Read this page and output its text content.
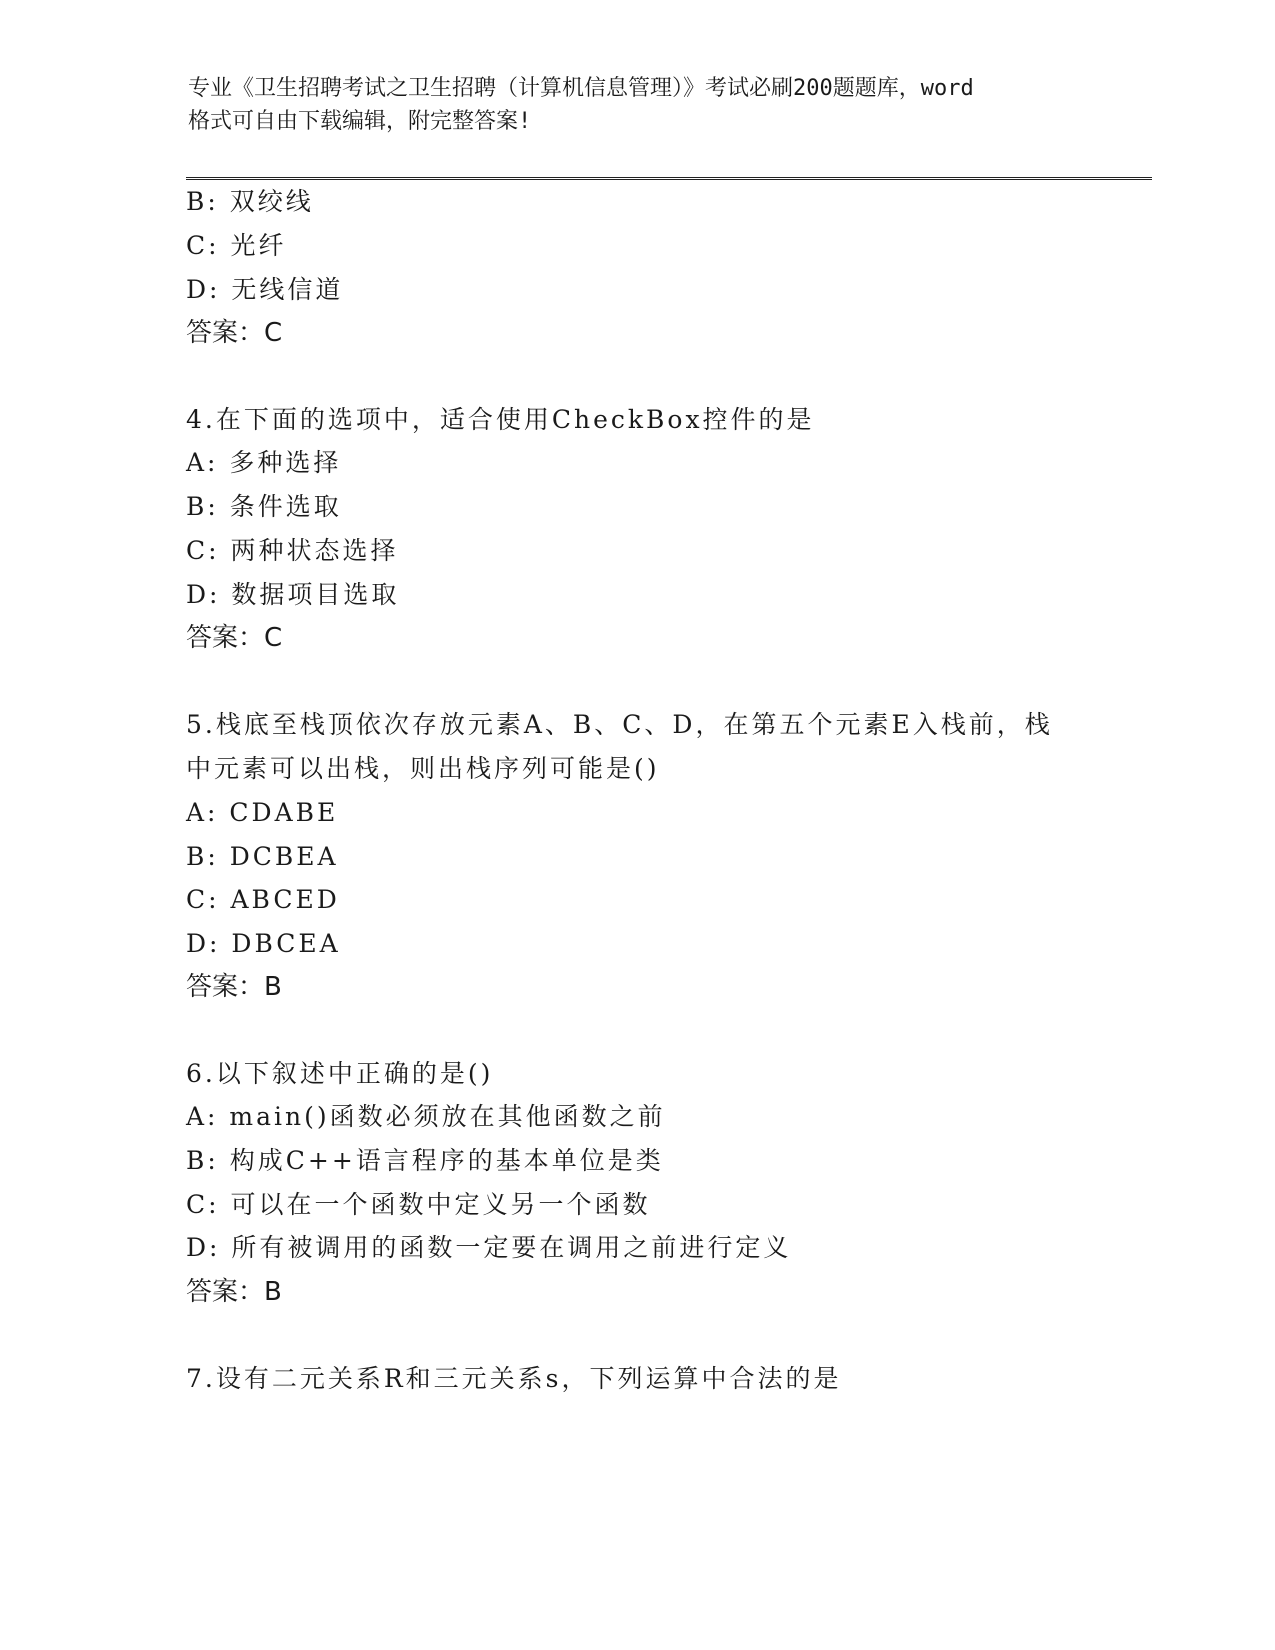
专业《卫生招聘考试之卫生招聘（计算机信息管理）》考试必刷200题题库，word
格式可自由下载编辑，附完整答案!
B: 双绞线
C: 光纤
D: 无线信道
答案：C
4.在下面的选项中，适合使用CheckBox控件的是
A: 多种选择
B: 条件选取
C: 两种状态选择
D: 数据项目选取
答案：C
5.栈底至栈顶依次存放元素A、B、C、D，在第五个元素E入栈前，栈
中元素可以出栈，则出栈序列可能是()
A: CDABE
B: DCBEA
C: ABCED
D: DBCEA
答案：B
6.以下叙述中正确的是()
A: main()函数必须放在其他函数之前
B: 构成C++语言程序的基本单位是类
C: 可以在一个函数中定义另一个函数
D: 所有被调用的函数一定要在调用之前进行定义
答案：B
7.设有二元关系R和三元关系s，下列运算中合法的是
